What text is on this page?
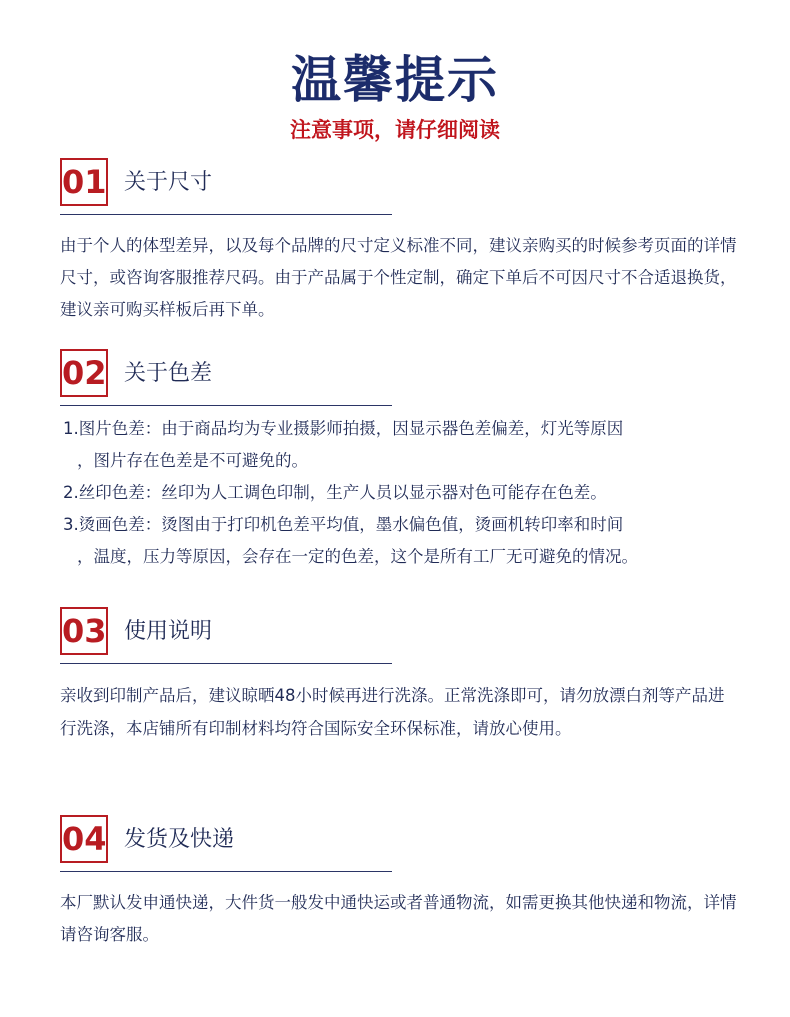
温馨提示
注意事项，请仔细阅读
01 关于尺寸

由于个人的体型差异，以及每个品牌的尺寸定义标准不同，建议亲购买的时候参考页面的详情尺寸，或咨询客服推荐尺码。由于产品属于个性定制，确定下单后不可因尺寸不合适退换货，建议亲可购买样板后再下单。

02 关于色差
1.图片色差：由于商品均为专业摄影师拍摄，因显示器色差偏差，灯光等原因
，图片存在色差是不可避免的。
2.丝印色差：丝印为人工调色印制，生产人员以显示器对色可能存在色差。
3.烫画色差：烫图由于打印机色差平均值，墨水偏色值，烫画机转印率和时间
，温度，压力等原因，会存在一定的色差，这个是所有工厂无可避免的情况。
03 使用说明

亲收到印制产品后，建议晾晒48小时候再进行洗涤。正常洗涤即可，请勿放漂白剂等产品进行洗涤，本店铺所有印制材料均符合国际安全环保标准，请放心使用。

04 发货及快递

本厂默认发申通快递，大件货一般发中通快运或者普通物流，如需更换其他快递和物流，详情请咨询客服。
